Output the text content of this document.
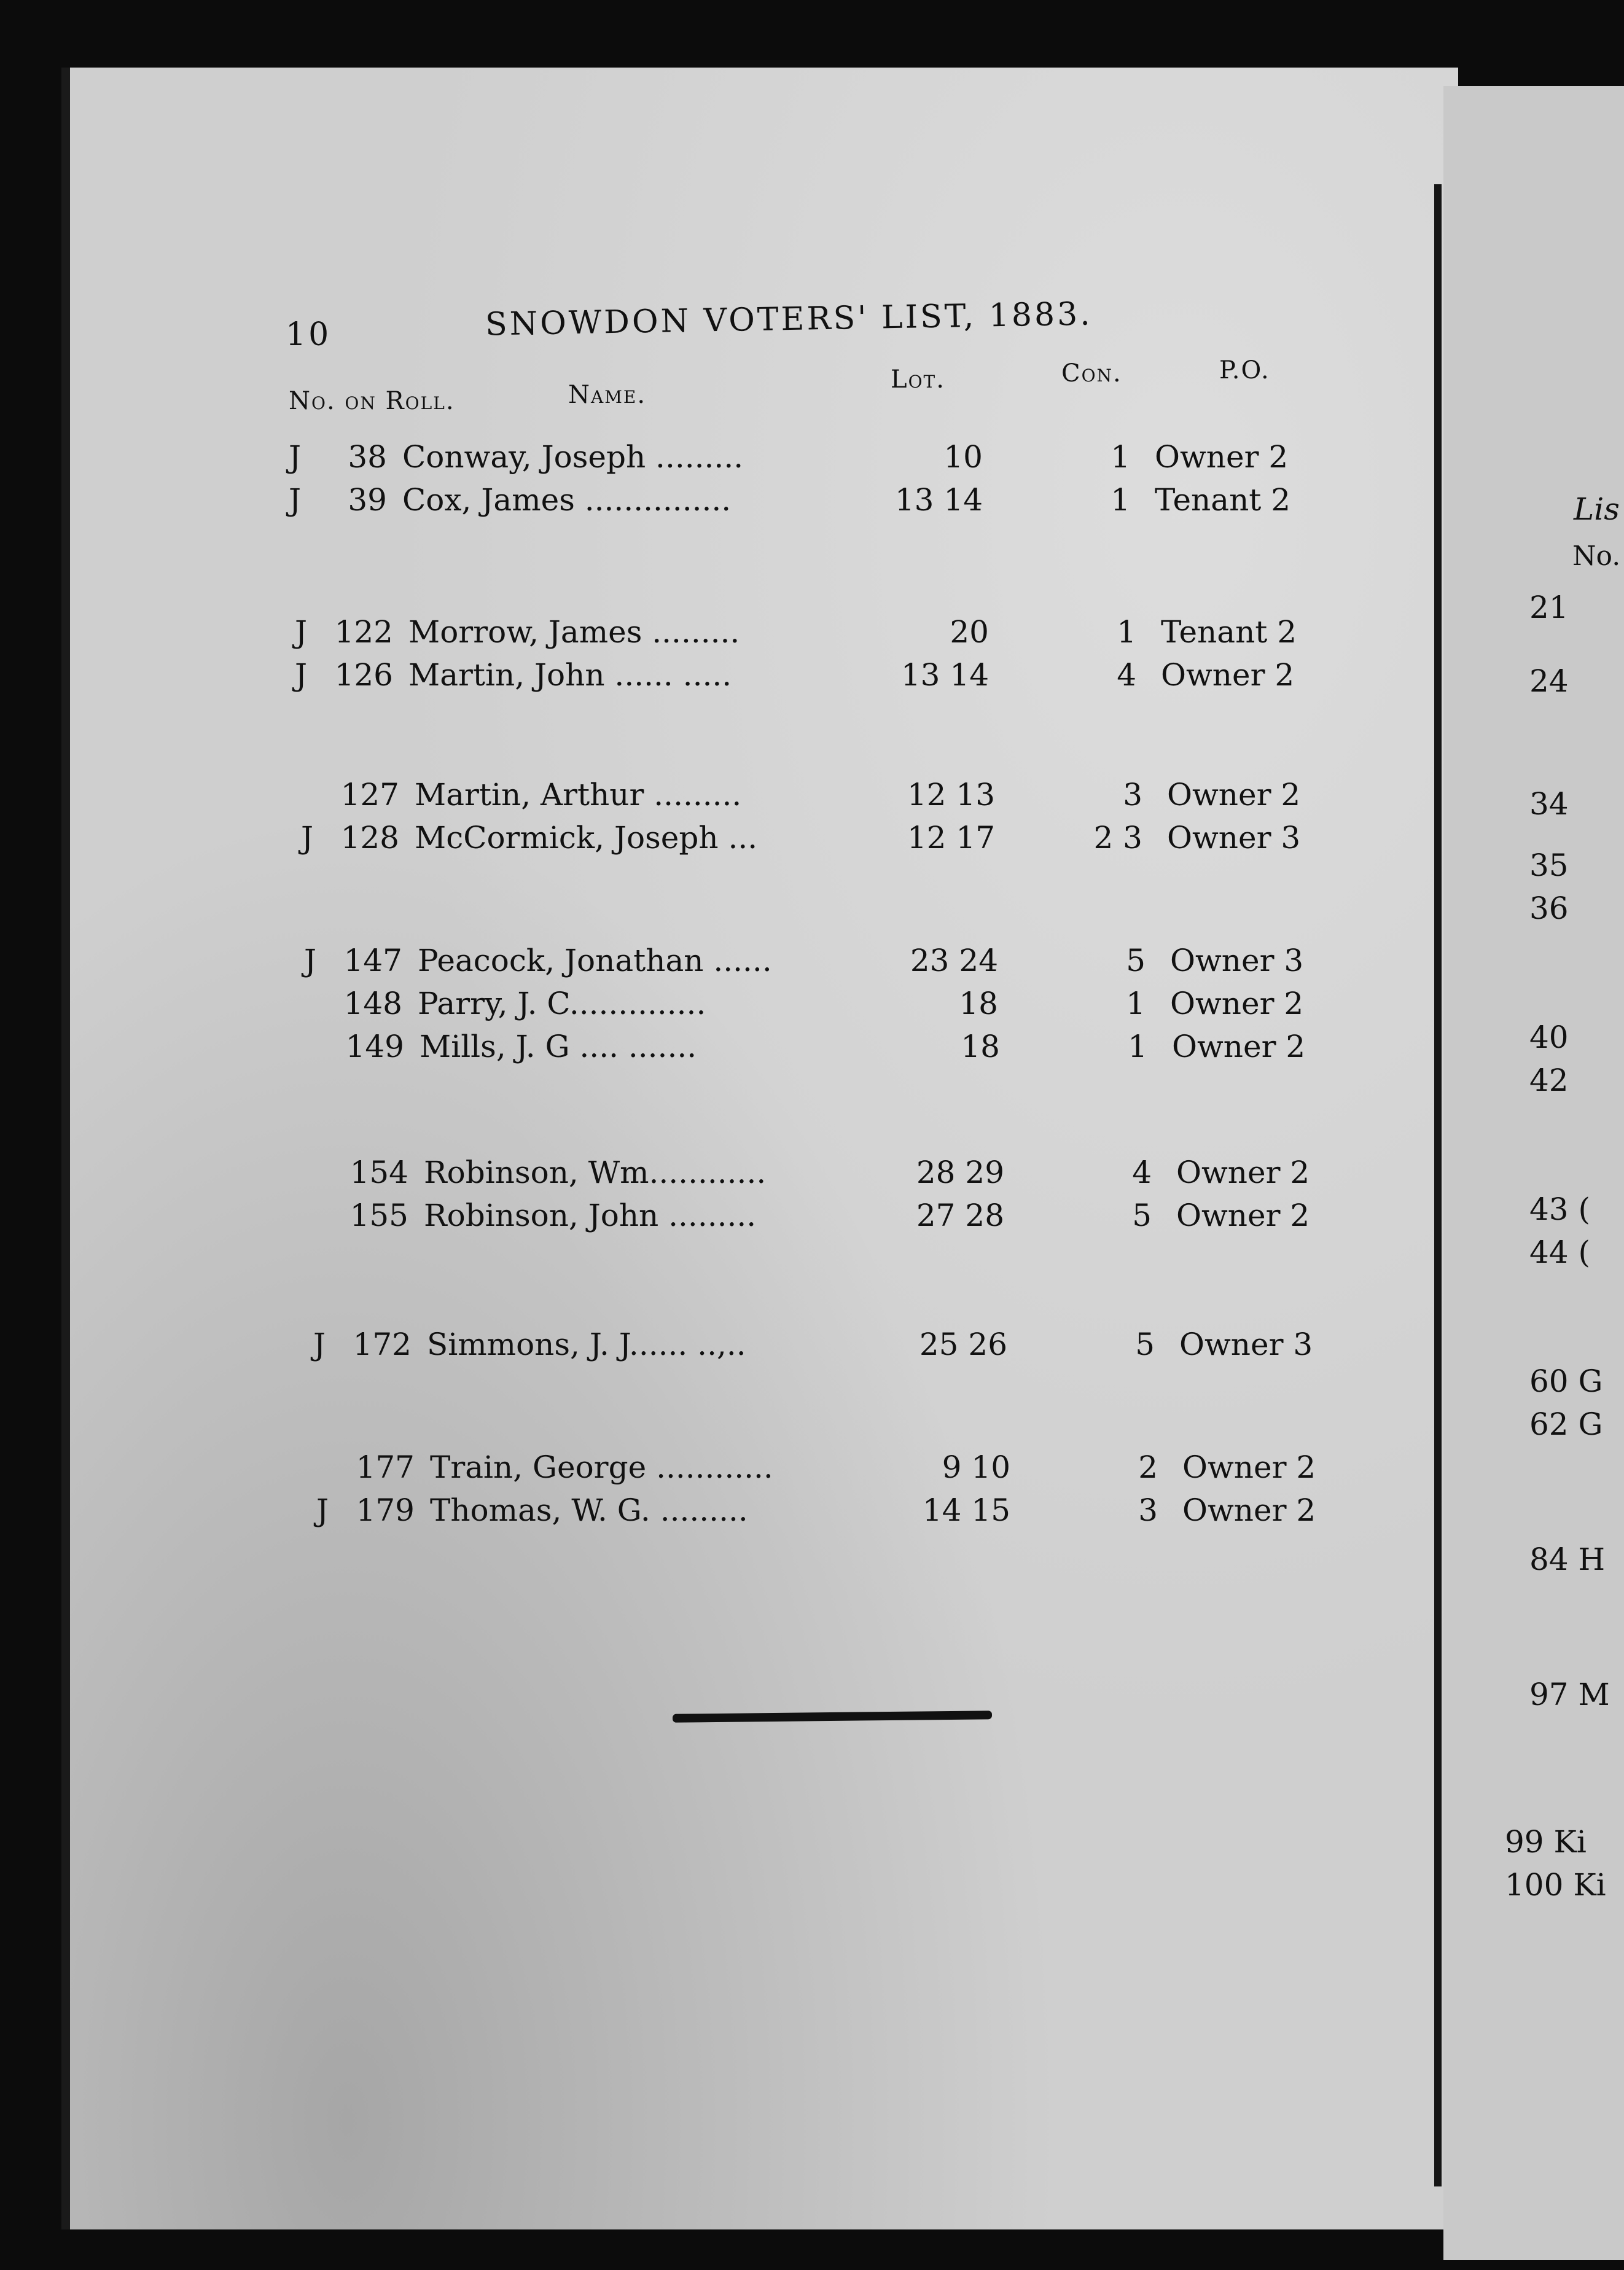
10	SNOWDON VOTERS' LIST, 1883.
No. on Roll.	Name.
Lot.	Con.	P.O.
J	38 Conway, Joseph .........	10	1 Owner 2
J	39 Cox, James ...............	13 14	1 Tenant 2
J 122 Morrow, James .........	20	1 Tenant 2
J 126 Martin, John ...... .....	13 14	4 Owner 2
127 Martin, Arthur .........	12 13	3 Owner 2
J 128 McCormick, Joseph ...	12 17	2 3 Owner 3
J 147 Peacock, Jonathan ......	23 24	5 Owner 3
148 Parry, J. C..............	18	1 Owner 2
149 Mills, J. G .... .......	18	1 Owner 2
154 Robinson, Wm............	28 29	4 Owner 2
155 Robinson, John .........	27 28	5 Owner 2
J 172 Simmons, J. J...... ..,..	25 26	5 Owner 3
177 Train, George ............	9 10	2 Owner 2
J 179 Thomas, W. G. .........	14 15	3 Owner 2
Lis
No.
21
24
34
35
36
40
42
43 (
44 (
60 G
62 G
84 H
97 M
99 Ki
100 Ki
